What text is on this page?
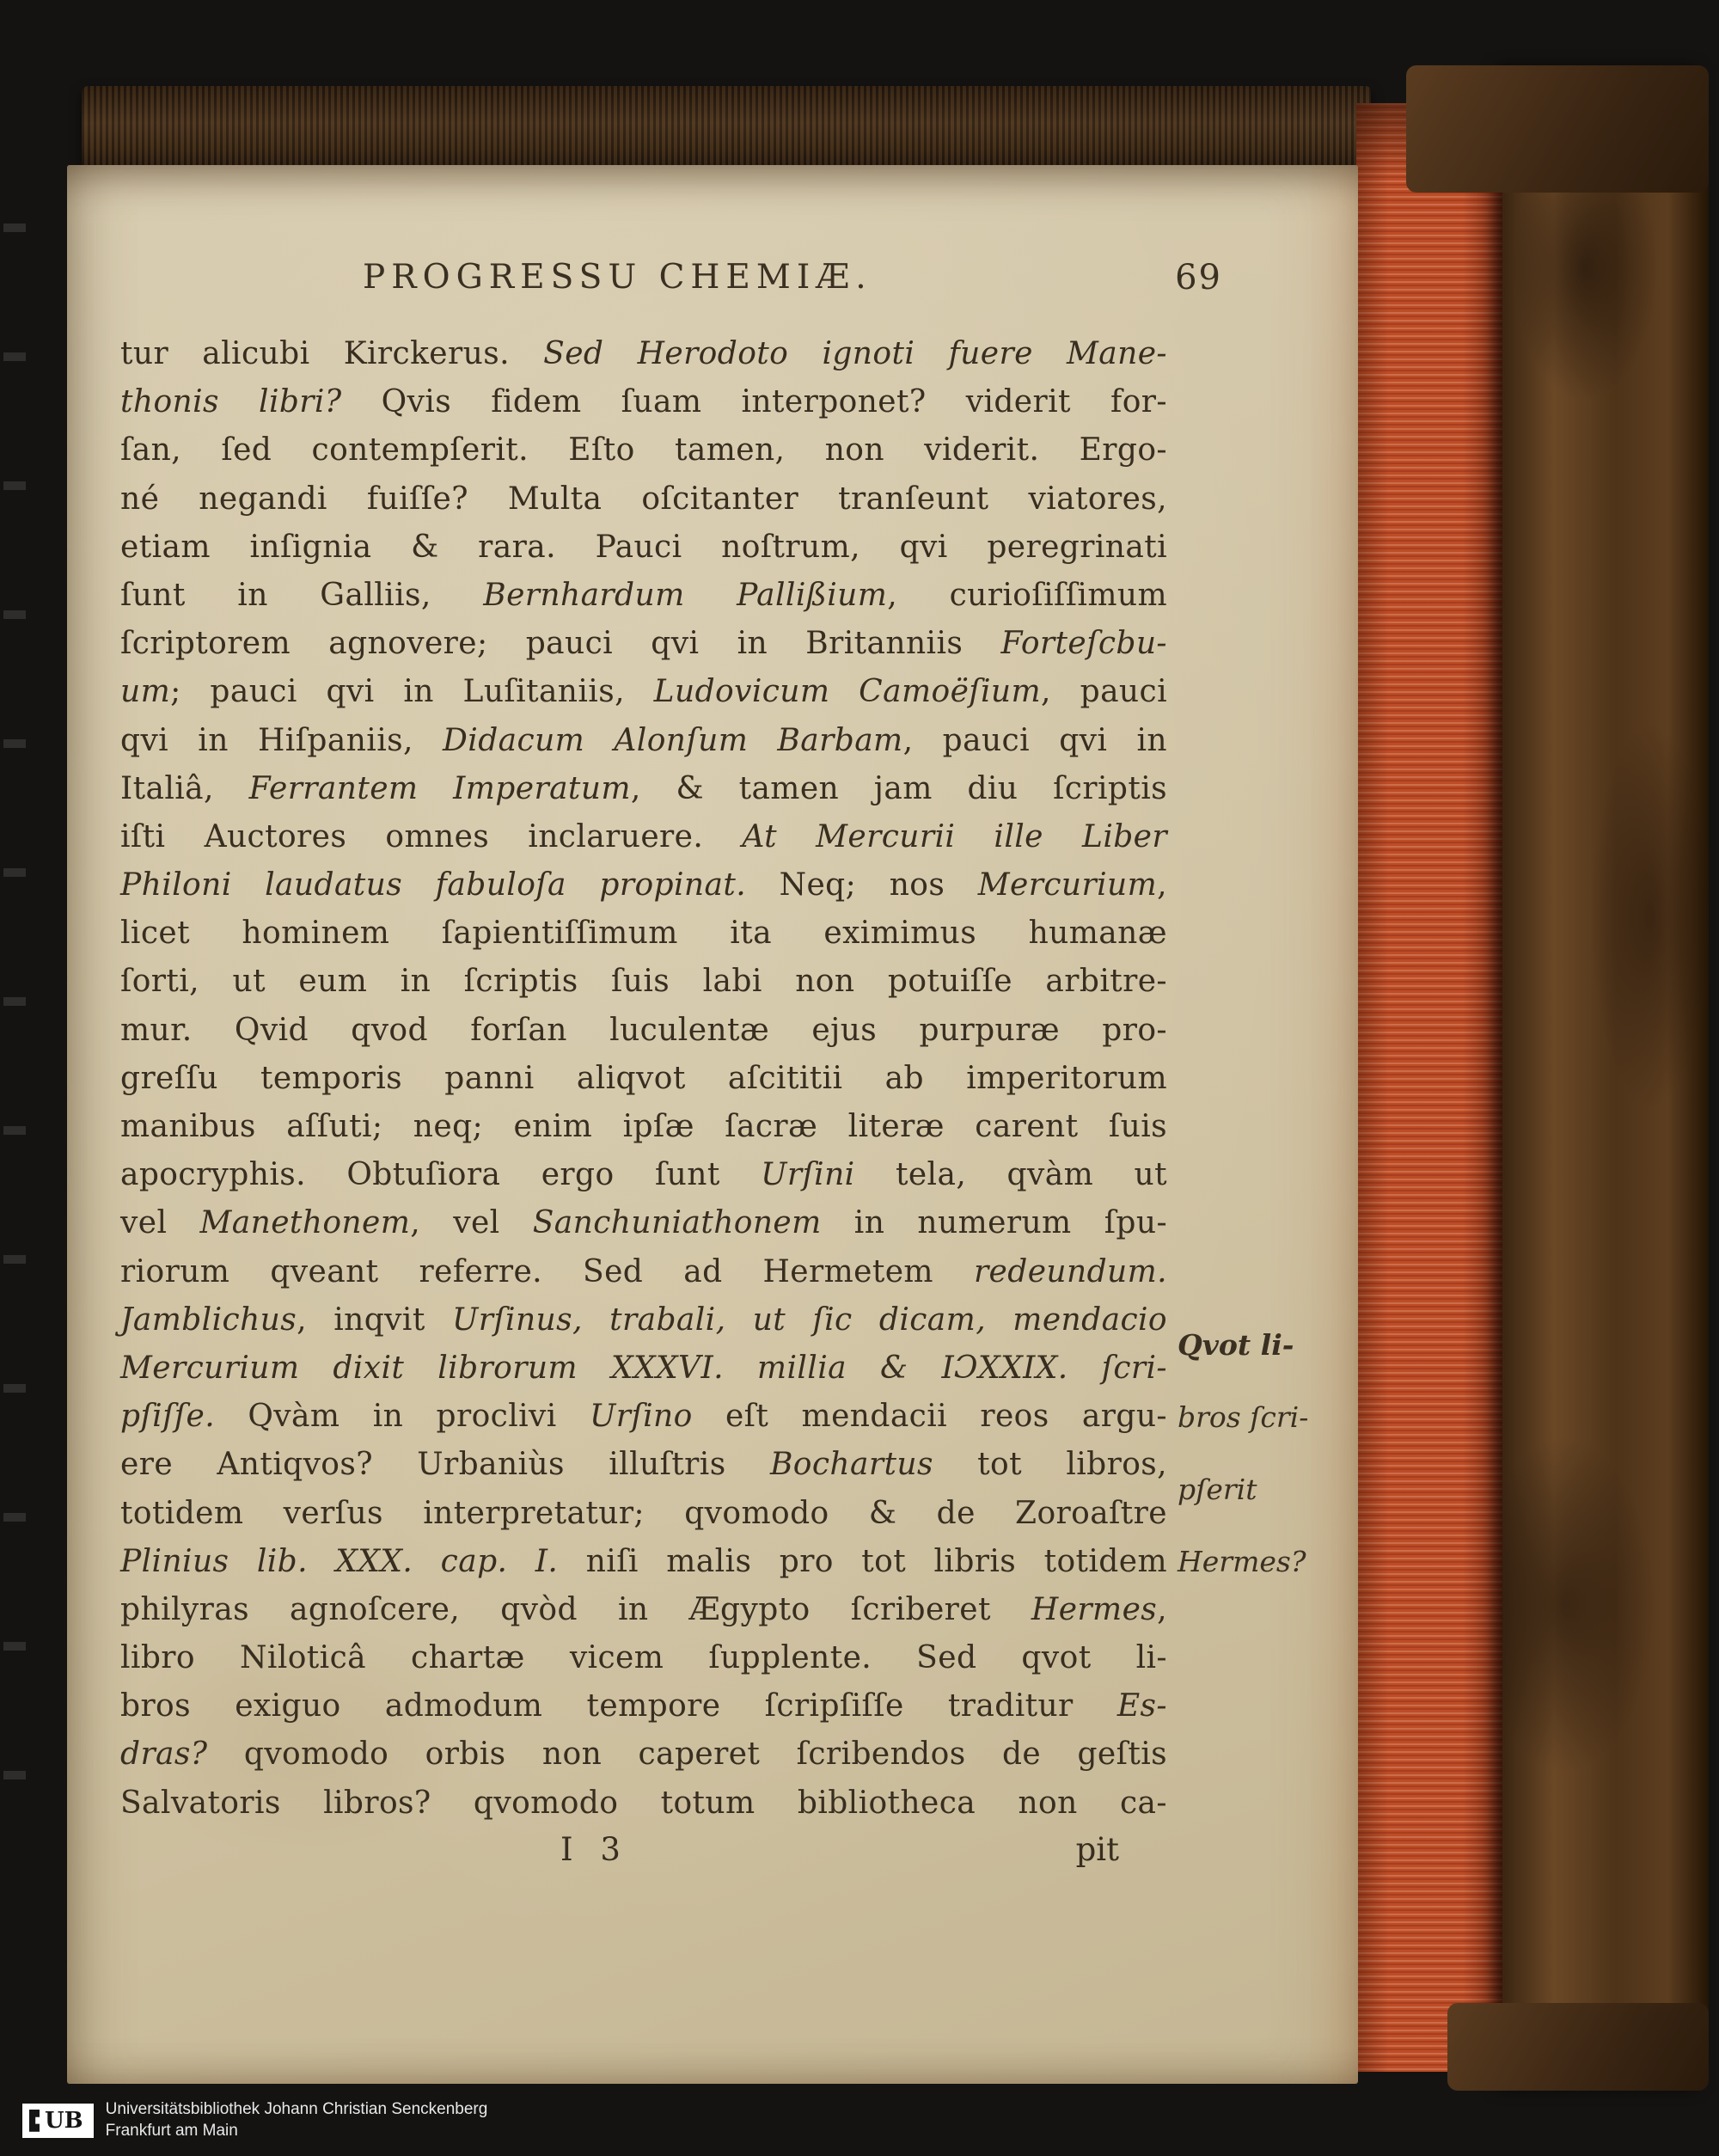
PROGRESSU CHEMIÆ.	69
tur alicubi Kirckerus. Sed Herodoto ignoti fuere Mane-
thonis libri? Qvis fidem ſuam interponet? viderit for-
ſan, ſed contempſerit. Eſto tamen, non viderit. Ergo-
né negandi fuiſſe? Multa oſcitanter tranſeunt viatores,
etiam inſignia & rara. Pauci noſtrum, qvi peregrinati
ſunt in Galliis, Bernhardum Pallißium, curioſiſſimum
ſcriptorem agnovere; pauci qvi in Britanniis Forteſcbu-
um; pauci qvi in Luſitaniis, Ludovicum Camoëſium, pauci
qvi in Hiſpaniis, Didacum Alonſum Barbam, pauci qvi in
Italiâ, Ferrantem Imperatum, & tamen jam diu ſcriptis
iſti Auctores omnes inclaruere. At Mercurii ille Liber
Philoni laudatus fabuloſa propinat. Neq; nos Mercurium,
licet hominem ſapientiſſimum ita eximimus humanæ
ſorti, ut eum in ſcriptis ſuis labi non potuiſſe arbitre-
mur. Qvid qvod forſan luculentæ ejus purpuræ pro-
greſſu temporis panni aliqvot aſcititii ab imperitorum
manibus aſſuti; neq; enim ipſæ ſacræ literæ carent ſuis
apocryphis. Obtuſiora ergo ſunt Urſini tela, qvàm ut
vel Manethonem, vel Sanchuniathonem in numerum ſpu-
riorum qveant referre. Sed ad Hermetem redeundum.
Jamblichus, inqvit Urſinus, trabali, ut ſic dicam, mendacio
Mercurium dixit librorum XXXVI. millia & IƆXXIX. ſcri-
pſiſſe. Qvàm in proclivi Urſino eſt mendacii reos argu-
ere Antiqvos? Urbaniùs illuſtris Bochartus tot libros,
totidem verſus interpretatur; qvomodo & de Zoroaſtre
Plinius lib. XXX. cap. I. niſi malis pro tot libris totidem
philyras agnoſcere, qvòd in Ægypto ſcriberet Hermes,
libro Niloticâ chartæ vicem ſupplente. Sed qvot li-
bros exiguo admodum tempore ſcripſiſſe traditur Es-
dras? qvomodo orbis non caperet ſcribendos de geſtis
Salvatoris libros? qvomodo totum bibliotheca non ca-
Qvot li-
bros ſcri-
pſerit
Hermes?
I 3	pit
UB Universitätsbibliothek Johann Christian Senckenberg
Frankfurt am Main
